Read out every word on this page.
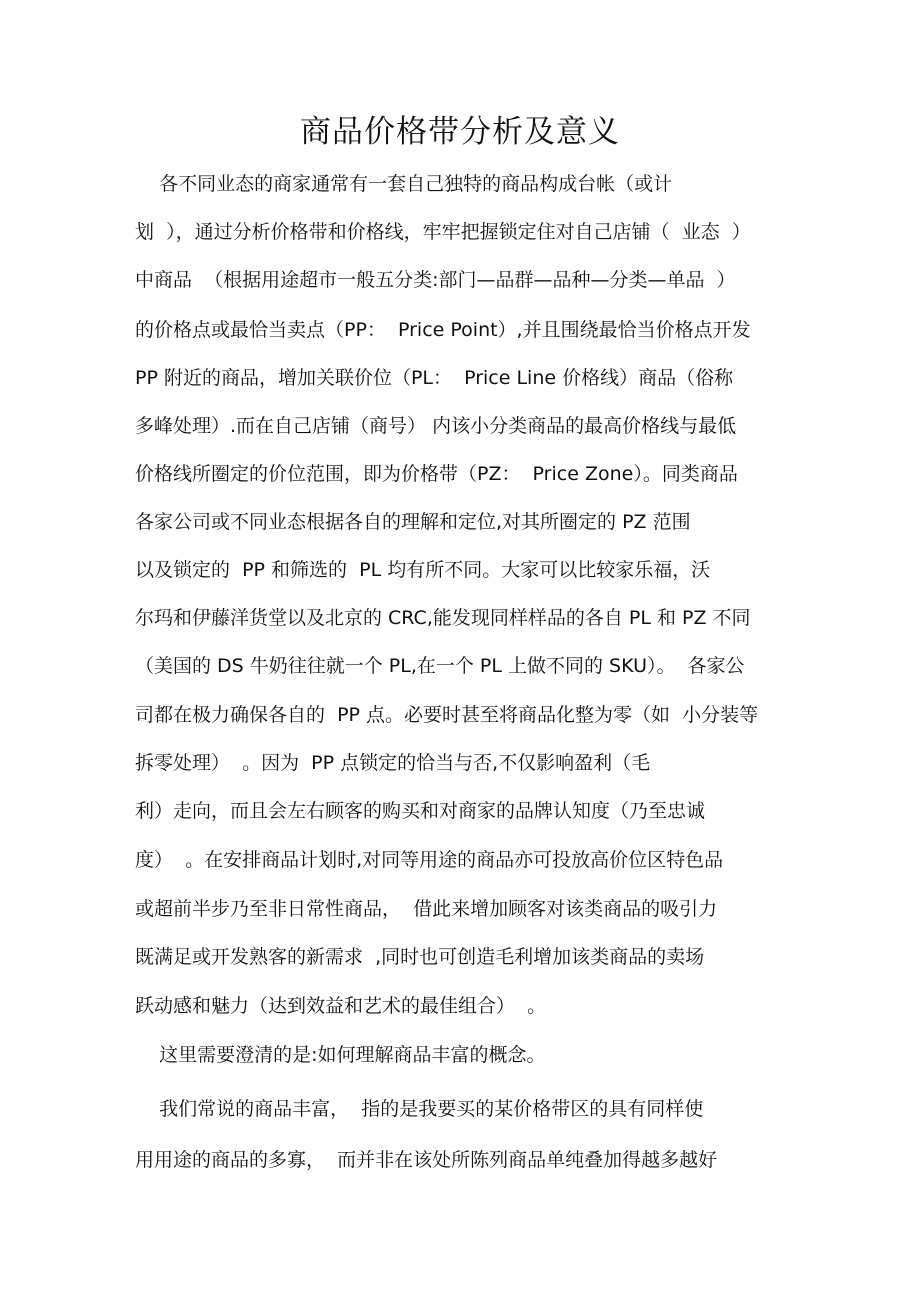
商品价格带分析及意义
各不同业态的商家通常有一套自己独特的商品构成台帐（或计
划  ），通过分析价格带和价格线，牢牢把握锁定住对自己店铺（  业态  ）
中商品  （根据用途超市一般五分类:部门—品群—品种—分类—单品  ）
的价格点或最恰当卖点（PP：  Price Point）,并且围绕最恰当价格点开发
PP 附近的商品，增加关联价位（PL：  Price Line 价格线）商品（俗称
多峰处理）.而在自己店铺（商号） 内该小分类商品的最高价格线与最低
价格线所圈定的价位范围，即为价格带（PZ：  Price Zone）。同类商品
各家公司或不同业态根据各自的理解和定位,对其所圈定的 PZ 范围
以及锁定的  PP 和筛选的  PL 均有所不同。大家可以比较家乐福，沃
尔玛和伊藤洋货堂以及北京的 CRC,能发现同样样品的各自 PL 和 PZ 不同
（美国的 DS 牛奶往往就一个 PL,在一个 PL 上做不同的 SKU）。  各家公
司都在极力确保各自的  PP 点。必要时甚至将商品化整为零（如  小分装等
拆零处理）  。因为  PP 点锁定的恰当与否,不仅影响盈利（毛
利）走向，而且会左右顾客的购买和对商家的品牌认知度（乃至忠诚
度）  。在安排商品计划时,对同等用途的商品亦可投放高价位区特色品
或超前半步乃至非日常性商品，  借此来增加顾客对该类商品的吸引力
既满足或开发熟客的新需求  ,同时也可创造毛利增加该类商品的卖场
跃动感和魅力（达到效益和艺术的最佳组合）  。
这里需要澄清的是:如何理解商品丰富的概念。
我们常说的商品丰富，  指的是我要买的某价格带区的具有同样使
用用途的商品的多寡，  而并非在该处所陈列商品单纯叠加得越多越好
